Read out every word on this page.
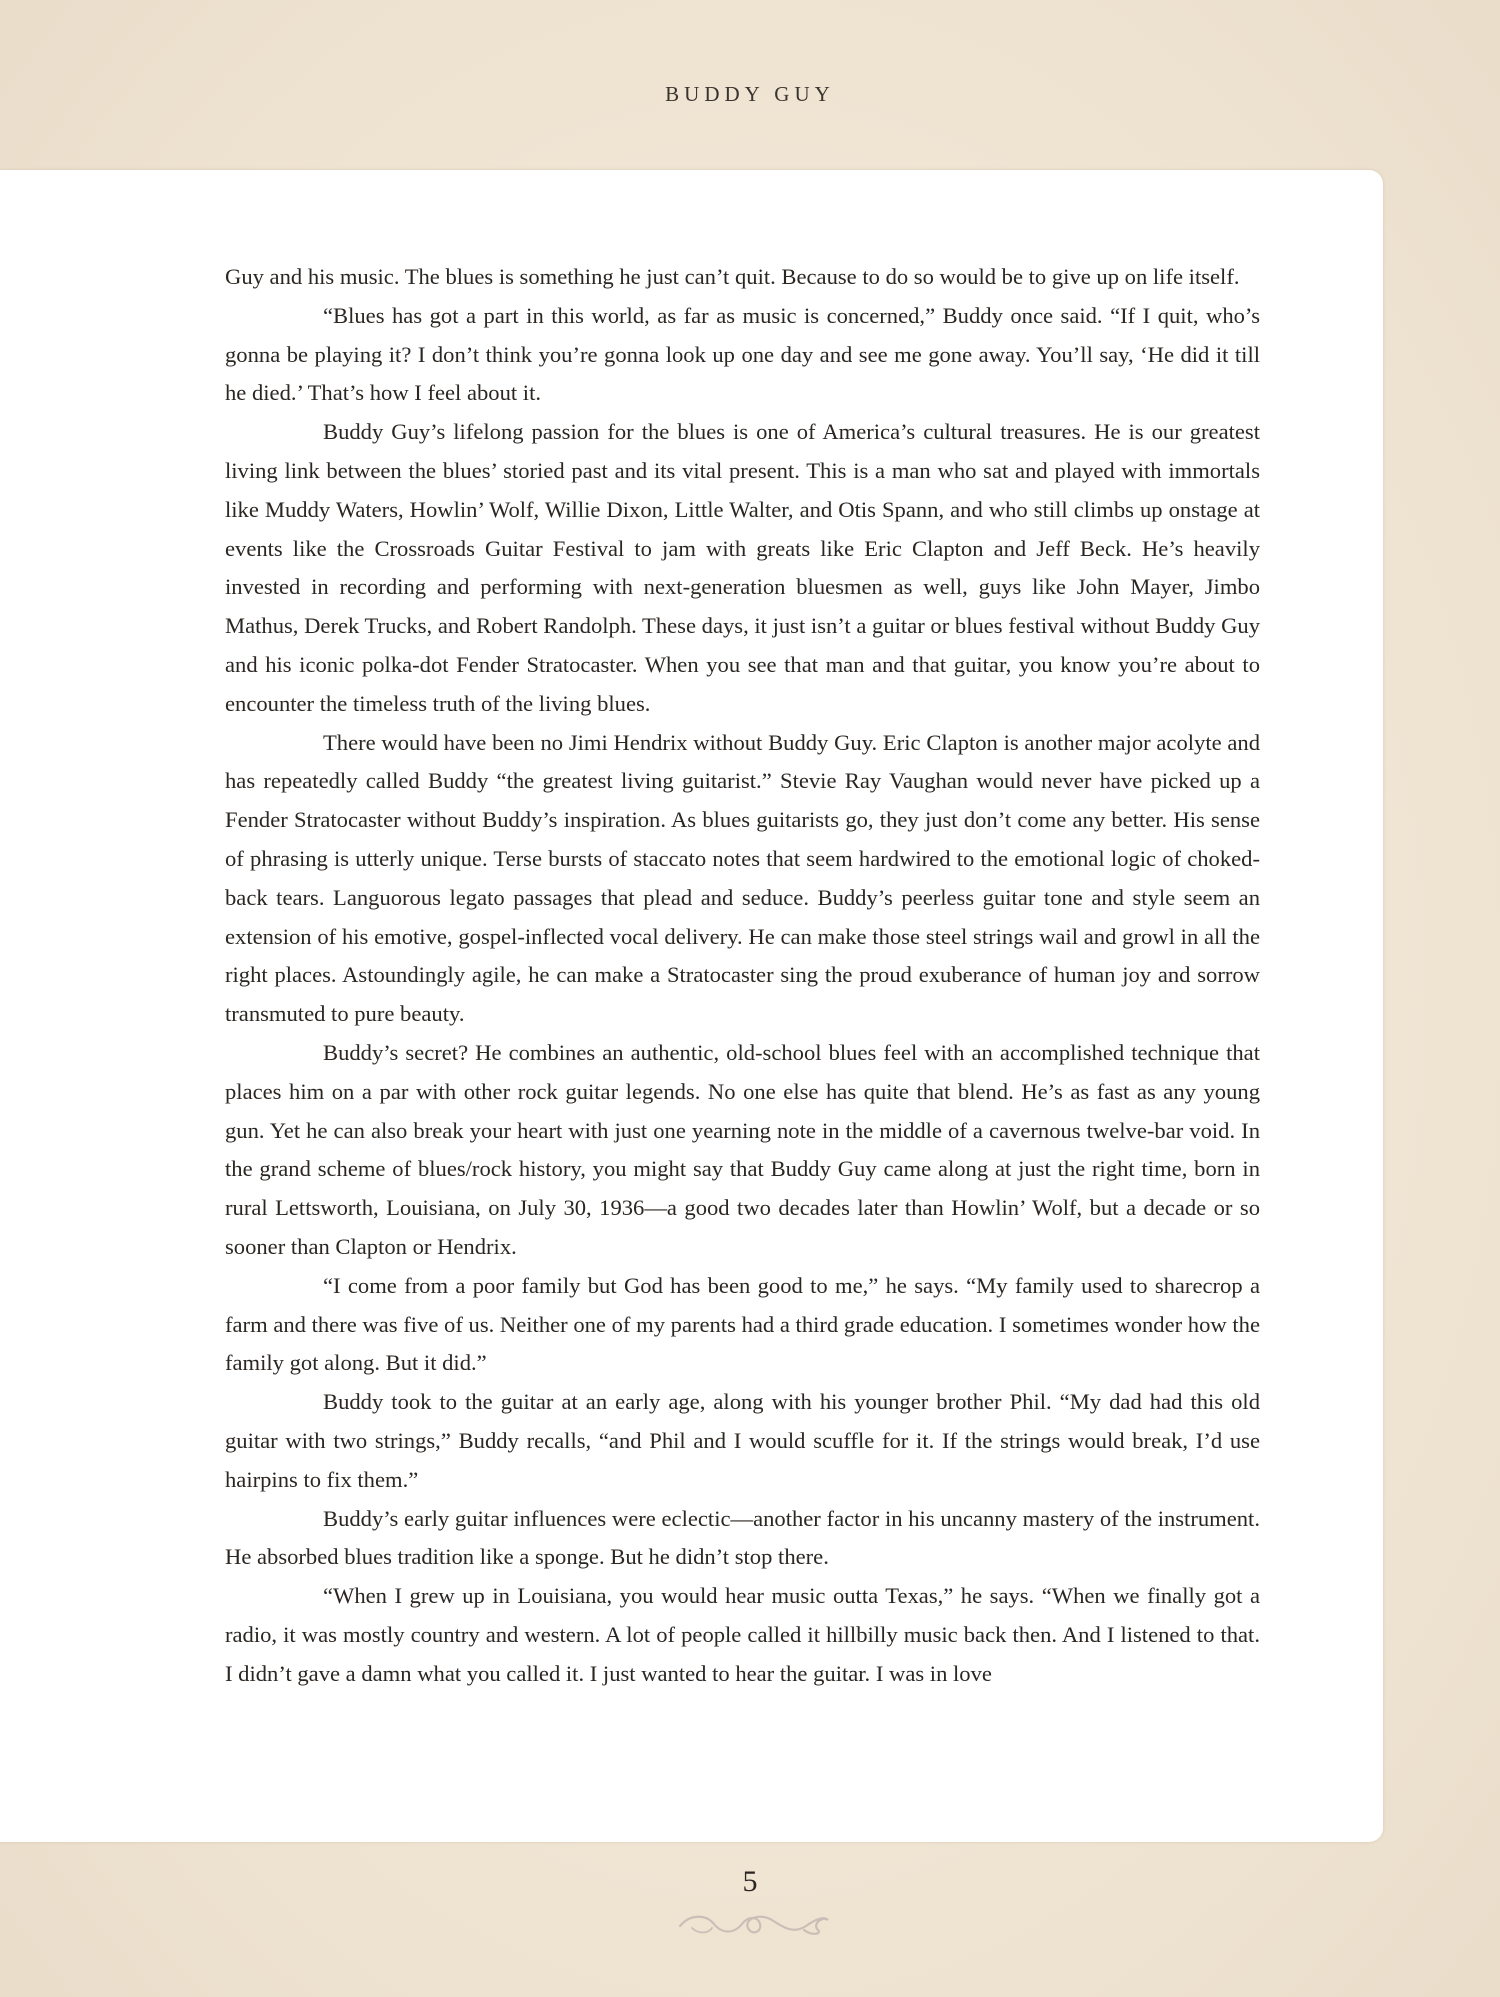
BUDDY GUY

Guy and his music. The blues is something he just can’t quit. Because to do so would be to give up on life itself.

“Blues has got a part in this world, as far as music is concerned,” Buddy once said. “If I quit, who’s gonna be playing it? I don’t think you’re gonna look up one day and see me gone away. You’ll say, ‘He did it till he died.’ That’s how I feel about it.

Buddy Guy’s lifelong passion for the blues is one of America’s cultural treasures. He is our greatest living link between the blues’ storied past and its vital present. This is a man who sat and played with immortals like Muddy Waters, Howlin’ Wolf, Willie Dixon, Little Walter, and Otis Spann, and who still climbs up onstage at events like the Crossroads Guitar Festival to jam with greats like Eric Clapton and Jeff Beck. He’s heavily invested in recording and performing with next-generation bluesmen as well, guys like John Mayer, Jimbo Mathus, Derek Trucks, and Robert Randolph. These days, it just isn’t a guitar or blues festival without Buddy Guy and his iconic polka-dot Fender Stratocaster. When you see that man and that guitar, you know you’re about to encounter the timeless truth of the living blues.

There would have been no Jimi Hendrix without Buddy Guy. Eric Clapton is another major acolyte and has repeatedly called Buddy “the greatest living guitarist.” Stevie Ray Vaughan would never have picked up a Fender Stratocaster without Buddy’s inspiration. As blues guitarists go, they just don’t come any better. His sense of phrasing is utterly unique. Terse bursts of staccato notes that seem hardwired to the emotional logic of choked-back tears. Languorous legato passages that plead and seduce. Buddy’s peerless guitar tone and style seem an extension of his emotive, gospel-inflected vocal delivery. He can make those steel strings wail and growl in all the right places. Astoundingly agile, he can make a Stratocaster sing the proud exuberance of human joy and sorrow transmuted to pure beauty.

Buddy’s secret? He combines an authentic, old-school blues feel with an accomplished technique that places him on a par with other rock guitar legends. No one else has quite that blend. He’s as fast as any young gun. Yet he can also break your heart with just one yearning note in the middle of a cavernous twelve-bar void. In the grand scheme of blues/rock history, you might say that Buddy Guy came along at just the right time, born in rural Lettsworth, Louisiana, on July 30, 1936—a good two decades later than Howlin’ Wolf, but a decade or so sooner than Clapton or Hendrix.

“I come from a poor family but God has been good to me,” he says. “My family used to sharecrop a farm and there was five of us. Neither one of my parents had a third grade education. I sometimes wonder how the family got along. But it did.”

Buddy took to the guitar at an early age, along with his younger brother Phil. “My dad had this old guitar with two strings,” Buddy recalls, “and Phil and I would scuffle for it. If the strings would break, I’d use hairpins to fix them.”

Buddy’s early guitar influences were eclectic—another factor in his uncanny mastery of the instrument. He absorbed blues tradition like a sponge. But he didn’t stop there.

“When I grew up in Louisiana, you would hear music outta Texas,” he says. “When we finally got a radio, it was mostly country and western. A lot of people called it hillbilly music back then. And I listened to that. I didn’t gave a damn what you called it. I just wanted to hear the guitar. I was in love

5
